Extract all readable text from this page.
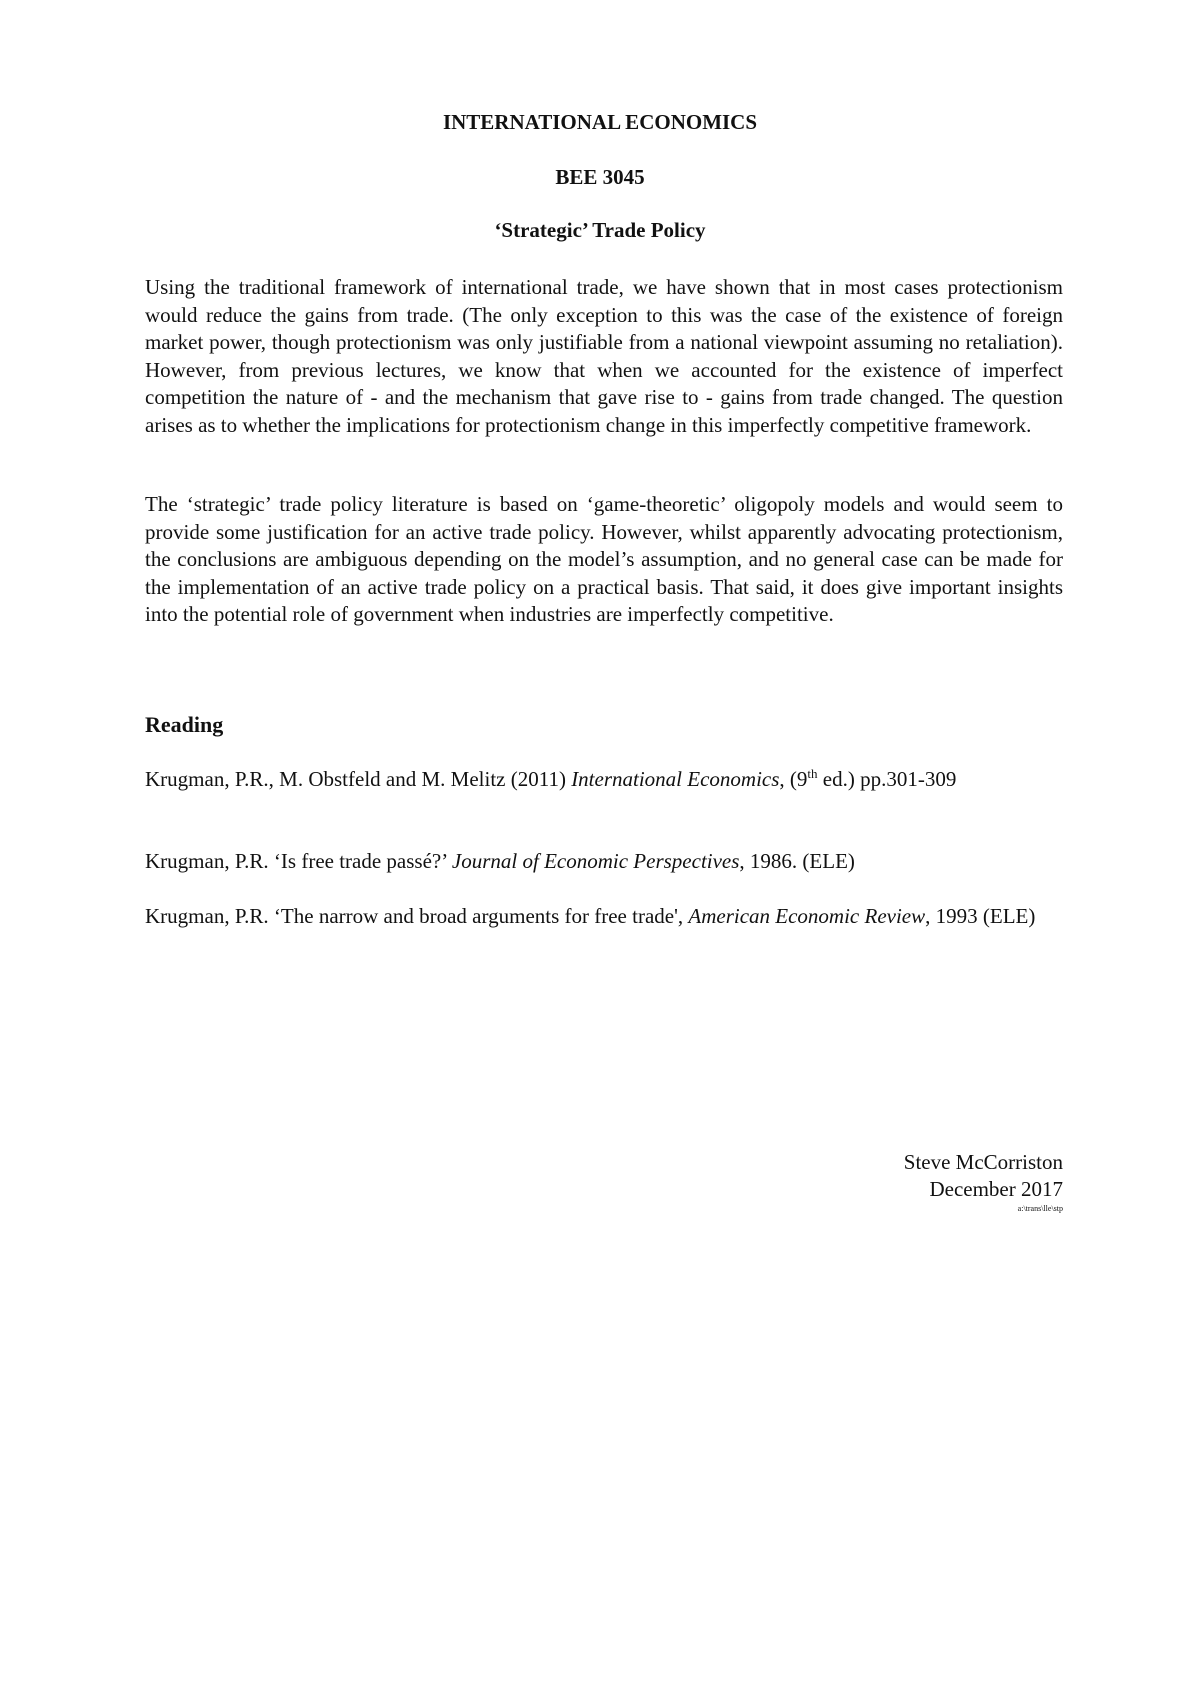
INTERNATIONAL ECONOMICS

BEE 3045

‘Strategic’ Trade Policy

Using the traditional framework of international trade, we have shown that in most cases protectionism would reduce the gains from trade. (The only exception to this was the case of the existence of foreign market power, though protectionism was only justifiable from a national viewpoint assuming no retaliation). However, from previous lectures, we know that when we accounted for the existence of imperfect competition the nature of - and the mechanism that gave rise to - gains from trade changed. The question arises as to whether the implications for protectionism change in this imperfectly competitive framework.

The ‘strategic’ trade policy literature is based on ‘game-theoretic’ oligopoly models and would seem to provide some justification for an active trade policy. However, whilst apparently advocating protectionism, the conclusions are ambiguous depending on the model’s assumption, and no general case can be made for the implementation of an active trade policy on a practical basis. That said, it does give important insights into the potential role of government when industries are imperfectly competitive.

Reading

Krugman, P.R., M. Obstfeld and M. Melitz (2011) International Economics, (9th ed.) pp.301-309

Krugman, P.R. ‘Is free trade passé?’ Journal of Economic Perspectives, 1986. (ELE)

Krugman, P.R. ‘The narrow and broad arguments for free trade', American Economic Review, 1993 (ELE)

Steve McCorriston

December 2017

a:\trans\lle\stp
